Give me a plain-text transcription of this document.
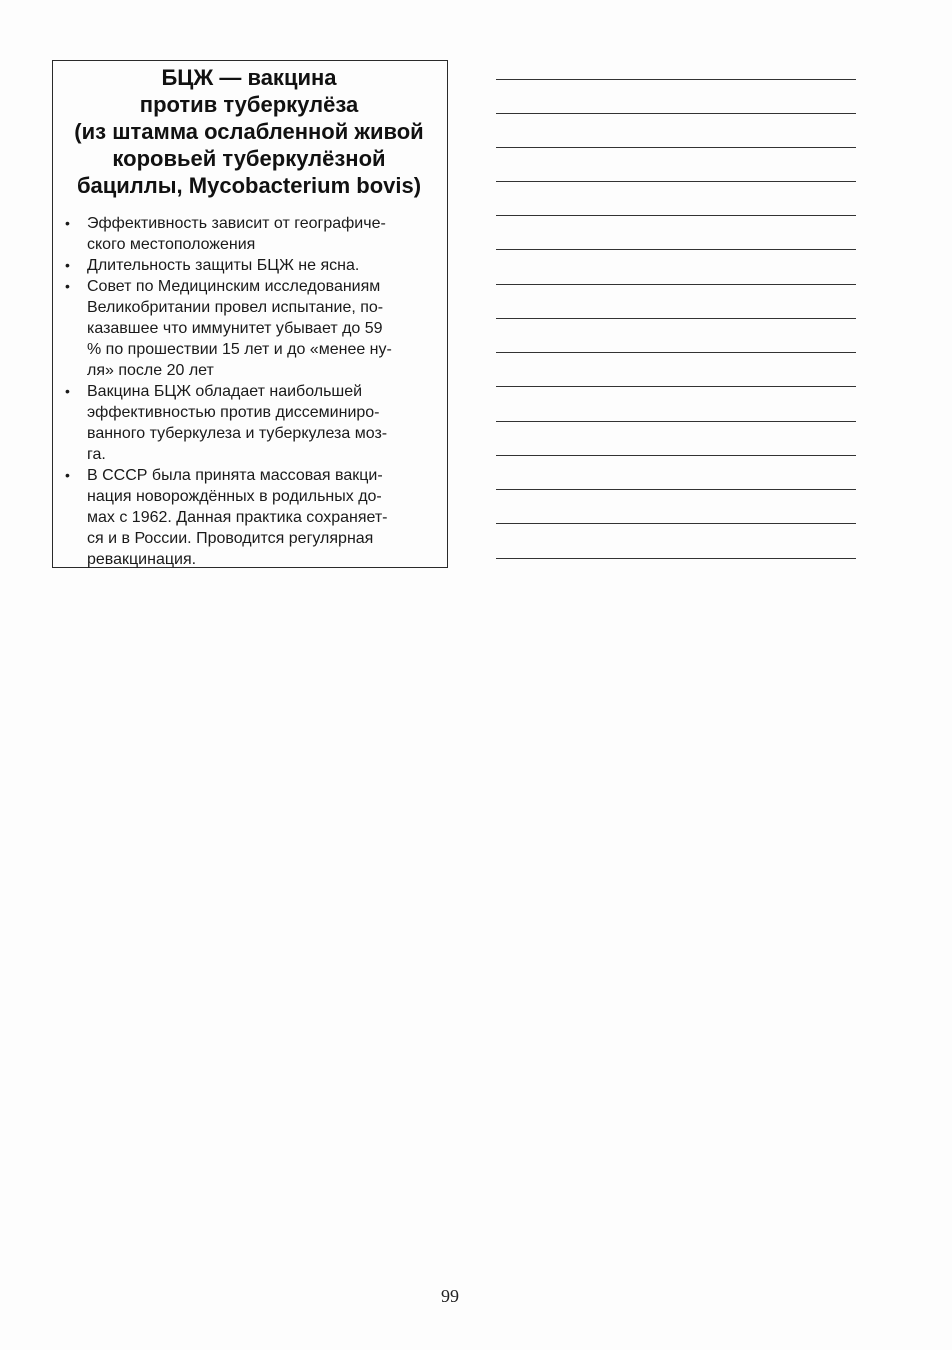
БЦЖ — вакцина
против туберкулёза
(из штамма ослабленной живой
коровьей туберкулёзной
бациллы, Mycobacterium bovis)
•	Эффективность зависит от географиче-
ского местоположения
•	Длительность защиты БЦЖ не ясна.
•	Совет по Медицинским исследованиям
Великобритании провел испытание, по-
казавшее что иммунитет убывает до 59
% по прошествии 15 лет и до «менее ну-
ля» после 20 лет
•	Вакцина БЦЖ обладает наибольшей
эффективностью против диссеминиро-
ванного туберкулеза и туберкулеза моз-
га.
•	В СССР была принята массовая вакци-
нация новорождённых в родильных до-
мах с 1962. Данная практика сохраняет-
ся и в России. Проводится регулярная
ревакцинация.
99
